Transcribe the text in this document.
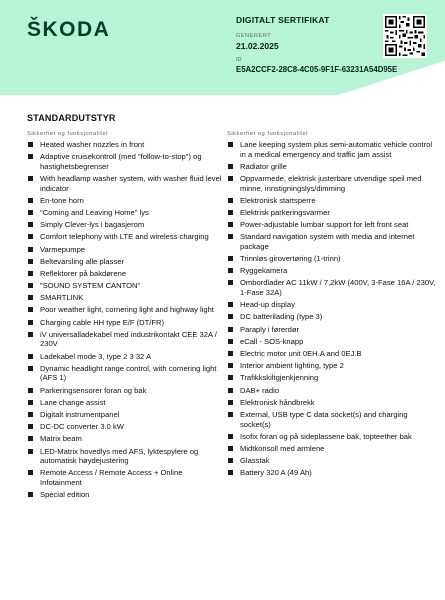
ŠKODA	DIGITALT SERTIFIKAT
GENERERT
21.02.2025
ID
E5A2CCF2-28C8-4C05-9F1F-63231A54D95E
STANDARDUTSTYR
Sikkerhet og funksjonalitet
Heated washer nozzles in front
Adaptive cruisekontroll (med "follow-to-stop") og hastighetsbegrenser
With headlamp washer system, with washer fluid level indicator
En-tone horn
"Coming and Leaving Home" lys
Simply Clever-lys i bagasjerom
Comfort telephony with LTE and wireless charging
Varmepumpe
Beltevarsling alle plasser
Reflektorer på bakdørene
"SOUND SYSTEM CANTON"
SMARTLINK
Poor weather light, cornering light and highway light
Charging cable HH type E/F (DT/FR)
iV universalladekabel med industrikontakt CEE 32A / 230V
Ladekabel mode 3, type 2 3 32 A
Dynamic headlight range control, with cornering light (AFS 1)
Parkeringsensorer foran og bak
Lane change assist
Digitalt instrumentpanel
DC-DC converter 3.0 kW
Matrix beam
LED-Matrix hovedlys med AFS, lyktespylere og automatisk høydejustering
Remote Access / Remote Access + Online Infotainment
Special edition
Sikkerhet og funksjonalitet
Lane keeping system plus semi-automatic vehicle control in a medical emergency and traffic jam assist
Radiator grille
Oppvarmede, elektrisk justerbare utvendige speil med minne, innstigningslys/dimming
Elektronisk startsperre
Elektrisk parkeringsvarmer
Power-adjustable lumbar support for left front seat
Standard navigation system with media and internet package
Trinnløs girovertøring (1-trinn)
Ryggekamera
Ombordlader AC 11kW / 7,2kW (400V, 3-Fase 16A / 230V, 1-Fase 32A)
Head-up display
DC batterilading (type 3)
Paraply i førerdør
eCall - SOS-knapp
Electric motor unit 0EH.A and 0EJ.B
Interior ambient lighting, type 2
Trafikkskiltgjenkjenning
DAB+ radio
Elektronisk håndbrekk
External, USB type C data socket(s) and charging socket(s)
Isofix foran og på sideplassene bak, topteether bak
Midtkonsoll med armlene
Glasstak
Battery 320 A (49 Ah)
